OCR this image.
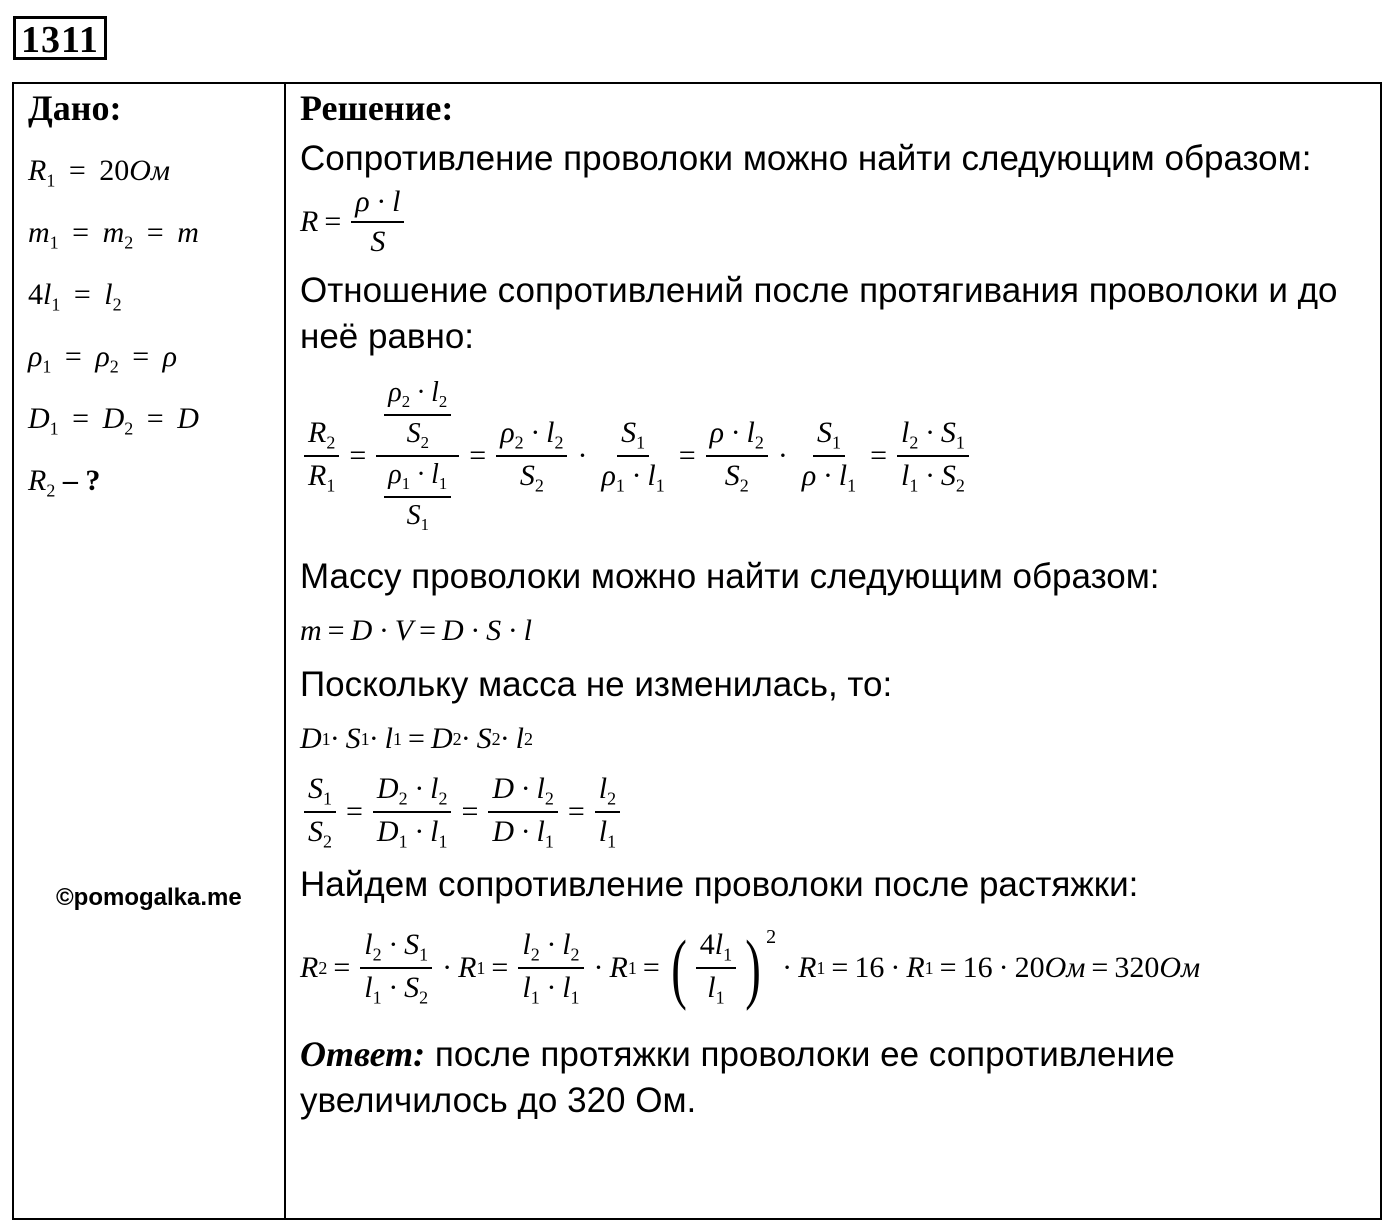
1311
Дано:
$R_1 = 20Ом$
$m_1 = m_2 = m$
$4l_1 = l_2$
$\rho_1 = \rho_2 = \rho$
$D_1 = D_2 = D$
$R_2$ – ?
©pomogalka.me
Решение:
Сопротивление проволоки можно найти следующим образом:
$R = \frac{\rho \cdot l}{S}$
Отношение сопротивлений после протягивания проволоки и до неё равно:
$\frac{R_2}{R_1} = \frac{\frac{\rho_2 \cdot l_2}{S_2}}{\frac{\rho_1 \cdot l_1}{S_1}} = \frac{\rho_2 \cdot l_2}{S_2} \cdot \frac{S_1}{\rho_1 \cdot l_1} = \frac{\rho \cdot l_2}{S_2} \cdot \frac{S_1}{\rho \cdot l_1} = \frac{l_2 \cdot S_1}{l_1 \cdot S_2}$
Массу проволоки можно найти следующим образом:
m = D · V = D · S · l
Поскольку масса не изменилась, то:
D 1 · S 1 · l 1 = D 2 · S 2 · l 2
$\frac{S_1}{S_2} = \frac{D_2 \cdot l_2}{D_1 \cdot l_1} = \frac{D \cdot l_2}{D \cdot l_1} = \frac{l_2}{l_1}$
Найдем сопротивление проволоки после растяжки:
R $2 = \frac{l_2 \cdot S_1}{l_1 \cdot S_2} \cdot R$ $1 = \frac{l_2 \cdot l_2}{l_1 \cdot l_1} \cdot R$ 1 = ( $\frac{4l_1}{l_1}$ ) 2
· R 1 = 16 · R 1 = 16 · 20 Ом = 320 Ом
Ответ: после протяжки проволоки ее сопротивление увеличилось до 320 Ом.
